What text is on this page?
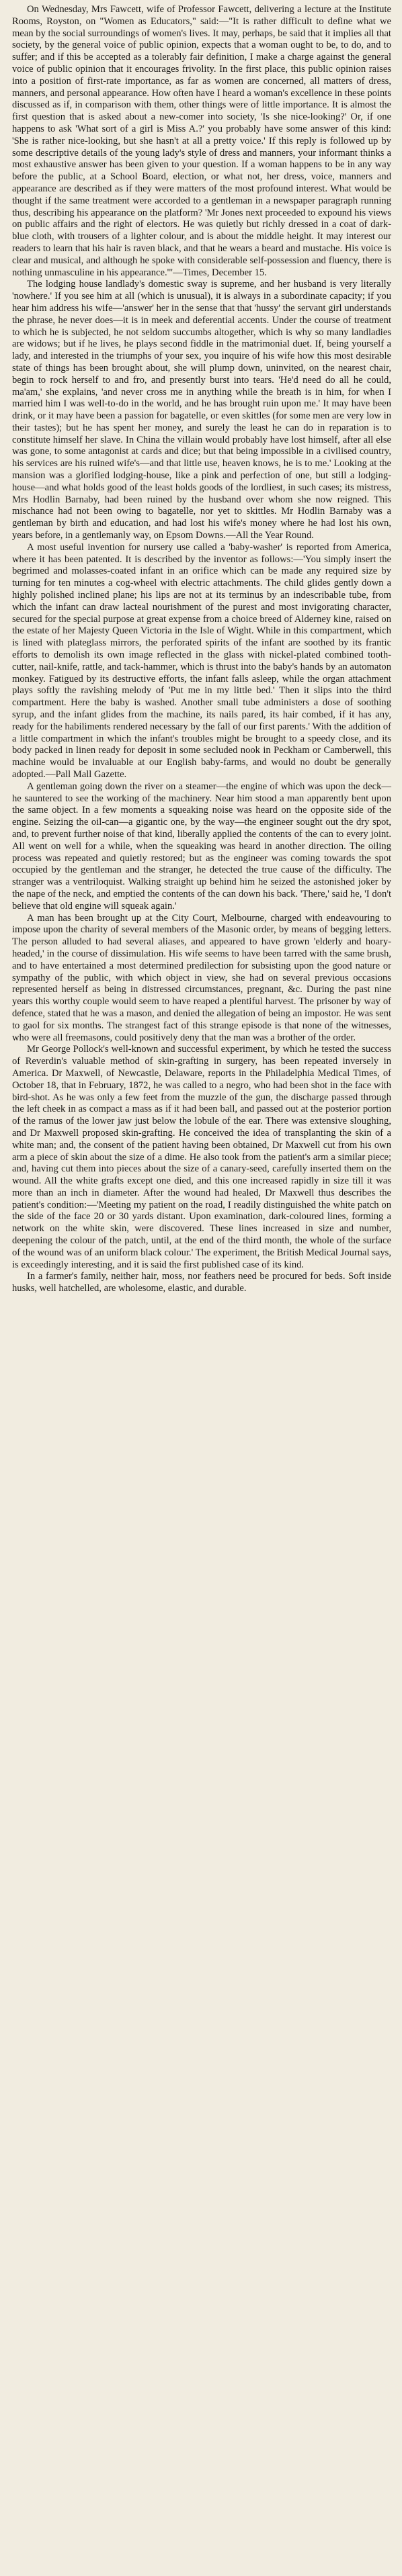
On Wednesday, Mrs Fawcett, wife of Professor Fawcett, delivering a lecture at the Institute Rooms, Royston, on "Women as Educators," said:—"It is rather difficult to define what we mean by the social surroundings of women's lives. It may, perhaps, be said that it implies all that society, by the general voice of public opinion, expects that a woman ought to be, to do, and to suffer; and if this be accepted as a tolerably fair definition, I make a charge against the general voice of public opinion that it encourages frivolity. In the first place, this public opinion raises into a position of first-rate importance, as far as women are concerned, all matters of dress, manners, and personal appearance. How often have I heard a woman's excellence in these points discussed as if, in comparison with them, other things were of little importance. It is almost the first question that is asked about a new-comer into society, 'Is she nice-looking?' Or, if one happens to ask 'What sort of a girl is Miss A.?' you probably have some answer of this kind: 'She is rather nice-looking, but she hasn't at all a pretty voice.' If this reply is followed up by some descriptive details of the young lady's style of dress and manners, your informant thinks a most exhaustive answer has been given to your question. If a woman happens to be in any way before the public, at a School Board, election, or what not, her dress, voice, manners and appearance are described as if they were matters of the most profound interest. What would be thought if the same treatment were accorded to a gentleman in a newspaper paragraph running thus, describing his appearance on the platform? 'Mr Jones next proceeded to expound his views on public affairs and the right of electors. He was quietly but richly dressed in a coat of dark-blue cloth, with trousers of a lighter colour, and is about the middle height. It may interest our readers to learn that his hair is raven black, and that he wears a beard and mustache. His voice is clear and musical, and although he spoke with considerable self-possession and fluency, there is nothing unmasculine in his appearance.'"—Times, December 15.

The lodging house landlady's domestic sway is supreme, and her husband is very literally 'nowhere.' If you see him at all (which is unusual), it is always in a subordinate capacity; if you hear him address his wife—'answer' her in the sense that that 'hussy' the servant girl understands the phrase, he never does—it is in meek and deferential accents. Under the course of treatment to which he is subjected, he not seldom succumbs altogether, which is why so many landladies are widows; but if he lives, he plays second fiddle in the matrimonial duet. If, being yourself a lady, and interested in the triumphs of your sex, you inquire of his wife how this most desirable state of things has been brought about, she will plump down, uninvited, on the nearest chair, begin to rock herself to and fro, and presently burst into tears. 'He'd need do all he could, ma'am,' she explains, 'and never cross me in anything while the breath is in him, for when I married him I was well-to-do in the world, and he has brought ruin upon me.' It may have been drink, or it may have been a passion for bagatelle, or even skittles (for some men are very low in their tastes); but he has spent her money, and surely the least he can do in reparation is to constitute himself her slave. In China the villain would probably have lost himself, after all else was gone, to some antagonist at cards and dice; but that being impossible in a civilised country, his services are his ruined wife's—and that little use, heaven knows, he is to me.' Looking at the mansion was a glorified lodging-house, like a pink and perfection of one, but still a lodging-house—and what holds good of the least holds goods of the lordliest, in such cases; its mistress, Mrs Hodlin Barnaby, had been ruined by the husband over whom she now reigned. This mischance had not been owing to bagatelle, nor yet to skittles. Mr Hodlin Barnaby was a gentleman by birth and education, and had lost his wife's money where he had lost his own, years before, in a gentlemanly way, on Epsom Downs.—All the Year Round.

A most useful invention for nursery use called a 'baby-washer' is reported from America, where it has been patented. It is described by the inventor as follows:—'You simply insert the begrimed and molasses-coated infant in an orifice which can be made any required size by turning for ten minutes a cog-wheel with electric attachments. The child glides gently down a highly polished inclined plane; his lips are not at its terminus by an indescribable tube, from which the infant can draw lacteal nourishment of the purest and most invigorating character, secured for the special purpose at great expense from a choice breed of Alderney kine, raised on the estate of her Majesty Queen Victoria in the Isle of Wight. While in this compartment, which is lined with plateglass mirrors, the perforated spirits of the infant are soothed by its frantic efforts to demolish its own image reflected in the glass with nickel-plated combined tooth-cutter, nail-knife, rattle, and tack-hammer, which is thrust into the baby's hands by an automaton monkey. Fatigued by its destructive efforts, the infant falls asleep, while the organ attachment plays softly the ravishing melody of 'Put me in my little bed.' Then it slips into the third compartment. Here the baby is washed. Another small tube administers a dose of soothing syrup, and the infant glides from the machine, its nails pared, its hair combed, if it has any, ready for the habiliments rendered necessary by the fall of our first parents.' With the addition of a little compartment in which the infant's troubles might be brought to a speedy close, and its body packed in linen ready for deposit in some secluded nook in Peckham or Camberwell, this machine would be invaluable at our English baby-farms, and would no doubt be generally adopted.—Pall Mall Gazette.

A gentleman going down the river on a steamer—the engine of which was upon the deck—he sauntered to see the working of the machinery. Near him stood a man apparently bent upon the same object. In a few moments a squeaking noise was heard on the opposite side of the engine. Seizing the oil-can—a gigantic one, by the way—the engineer sought out the dry spot, and, to prevent further noise of that kind, liberally applied the contents of the can to every joint. All went on well for a while, when the squeaking was heard in another direction. The oiling process was repeated and quietly restored; but as the engineer was coming towards the spot occupied by the gentleman and the stranger, he detected the true cause of the difficulty. The stranger was a ventriloquist. Walking straight up behind him he seized the astonished joker by the nape of the neck, and emptied the contents of the can down his back. 'There,' said he, 'I don't believe that old engine will squeak again.'

A man has been brought up at the City Court, Melbourne, charged with endeavouring to impose upon the charity of several members of the Masonic order, by means of begging letters. The person alluded to had several aliases, and appeared to have grown 'elderly and hoary-headed,' in the course of dissimulation. His wife seems to have been tarred with the same brush, and to have entertained a most determined predilection for subsisting upon the good nature or sympathy of the public, with which object in view, she had on several previous occasions represented herself as being in distressed circumstances, pregnant, &c. During the past nine years this worthy couple would seem to have reaped a plentiful harvest. The prisoner by way of defence, stated that he was a mason, and denied the allegation of being an impostor. He was sent to gaol for six months. The strangest fact of this strange episode is that none of the witnesses, who were all freemasons, could positively deny that the man was a brother of the order.

Mr George Pollock's well-known and successful experiment, by which he tested the success of Reverdin's valuable method of skin-grafting in surgery, has been repeated inversely in America. Dr Maxwell, of Newcastle, Delaware, reports in the Philadelphia Medical Times, of October 18, that in February, 1872, he was called to a negro, who had been shot in the face with bird-shot. As he was only a few feet from the muzzle of the gun, the discharge passed through the left cheek in as compact a mass as if it had been ball, and passed out at the posterior portion of the ramus of the lower jaw just below the lobule of the ear. There was extensive sloughing, and Dr Maxwell proposed skin-grafting. He conceived the idea of transplanting the skin of a white man; and, the consent of the patient having been obtained, Dr Maxwell cut from his own arm a piece of skin about the size of a dime. He also took from the patient's arm a similar piece; and, having cut them into pieces about the size of a canary-seed, carefully inserted them on the wound. All the white grafts except one died, and this one increased rapidly in size till it was more than an inch in diameter. After the wound had healed, Dr Maxwell thus describes the patient's condition:—'Meeting my patient on the road, I readily distinguished the white patch on the side of the face 20 or 30 yards distant. Upon examination, dark-coloured lines, forming a network on the white skin, were discovered. These lines increased in size and number, deepening the colour of the patch, until, at the end of the third month, the whole of the surface of the wound was of an uniform black colour.' The experiment, the British Medical Journal says, is exceedingly interesting, and it is said the first published case of its kind.

In a farmer's family, neither hair, moss, nor feathers need be procured for beds. Soft inside husks, well hatchelled, are wholesome, elastic, and durable.
